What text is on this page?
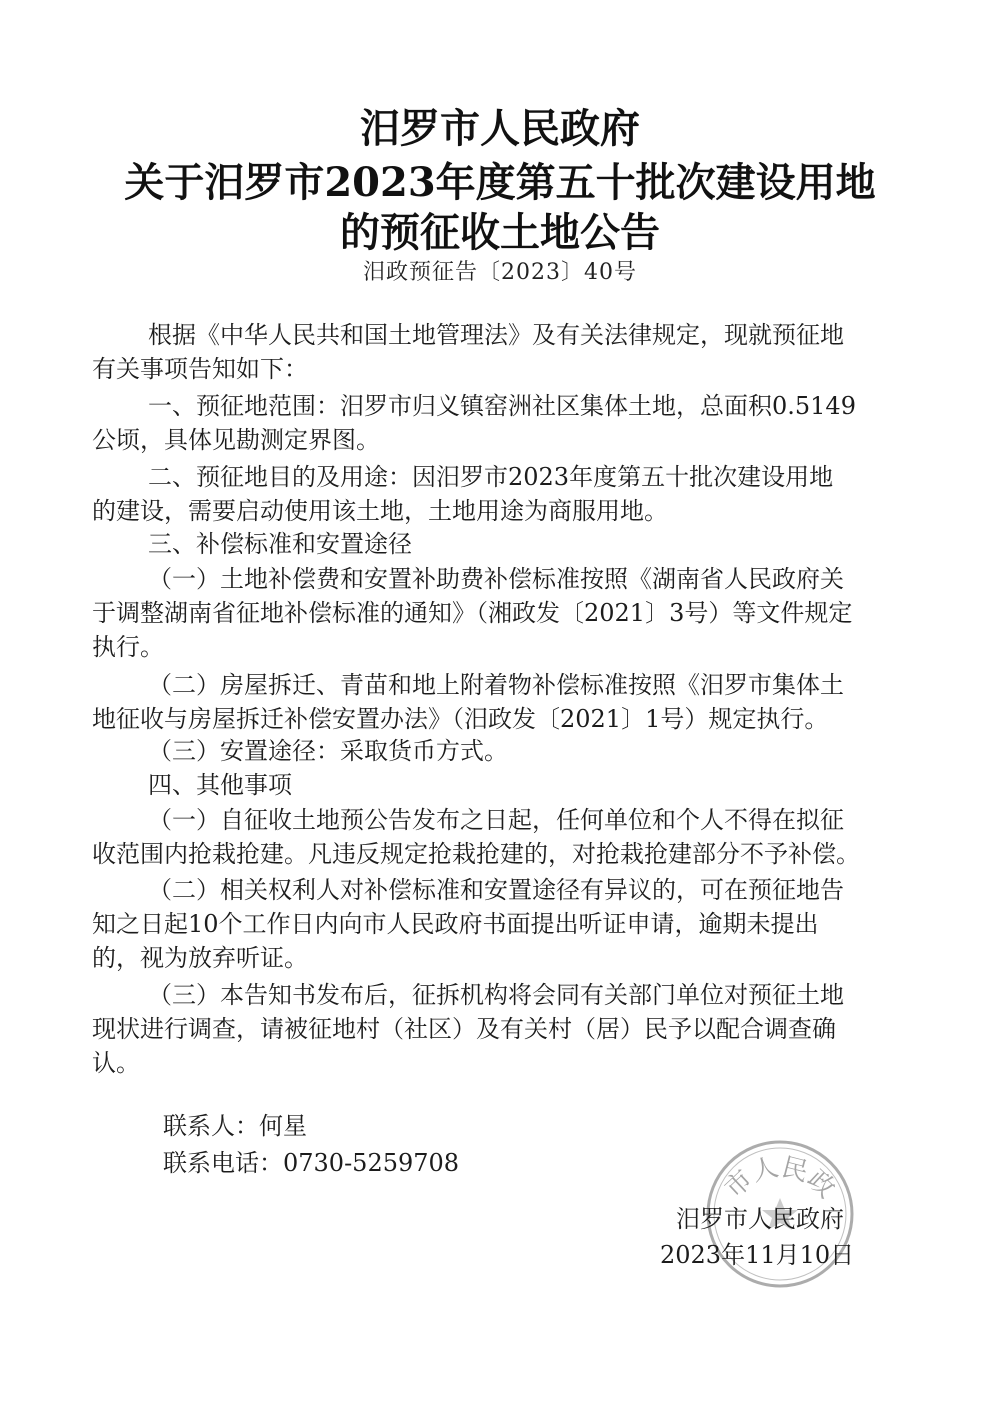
汨罗市人民政府
关于汨罗市2023年度第五十批次建设用地
的预征收土地公告
汨政预征告〔2023〕40号
根据《中华人民共和国土地管理法》及有关法律规定，现就预征地
有关事项告知如下：
一、预征地范围：汨罗市归义镇窑洲社区集体土地，总面积0.5149
公顷，具体见勘测定界图。
二、预征地目的及用途：因汨罗市2023年度第五十批次建设用地
的建设，需要启动使用该土地，土地用途为商服用地。
三、补偿标准和安置途径
（一）土地补偿费和安置补助费补偿标准按照《湖南省人民政府关
于调整湖南省征地补偿标准的通知》（湘政发〔2021〕3号）等文件规定
执行。
（二）房屋拆迁、青苗和地上附着物补偿标准按照《汨罗市集体土
地征收与房屋拆迁补偿安置办法》（汨政发〔2021〕1号）规定执行。
（三）安置途径：采取货币方式。
四、其他事项
（一）自征收土地预公告发布之日起，任何单位和个人不得在拟征
收范围内抢栽抢建。凡违反规定抢栽抢建的，对抢栽抢建部分不予补偿。
（二）相关权利人对补偿标准和安置途径有异议的，可在预征地告
知之日起10个工作日内向市人民政府书面提出听证申请，逾期未提出
的，视为放弃听证。
（三）本告知书发布后，征拆机构将会同有关部门单位对预征土地
现状进行调查，请被征地村（社区）及有关村（居）民予以配合调查确
认。
联系人：何星
联系电话：0730-5259708
市人民政
汨罗市人民政府
2023年11月10日
